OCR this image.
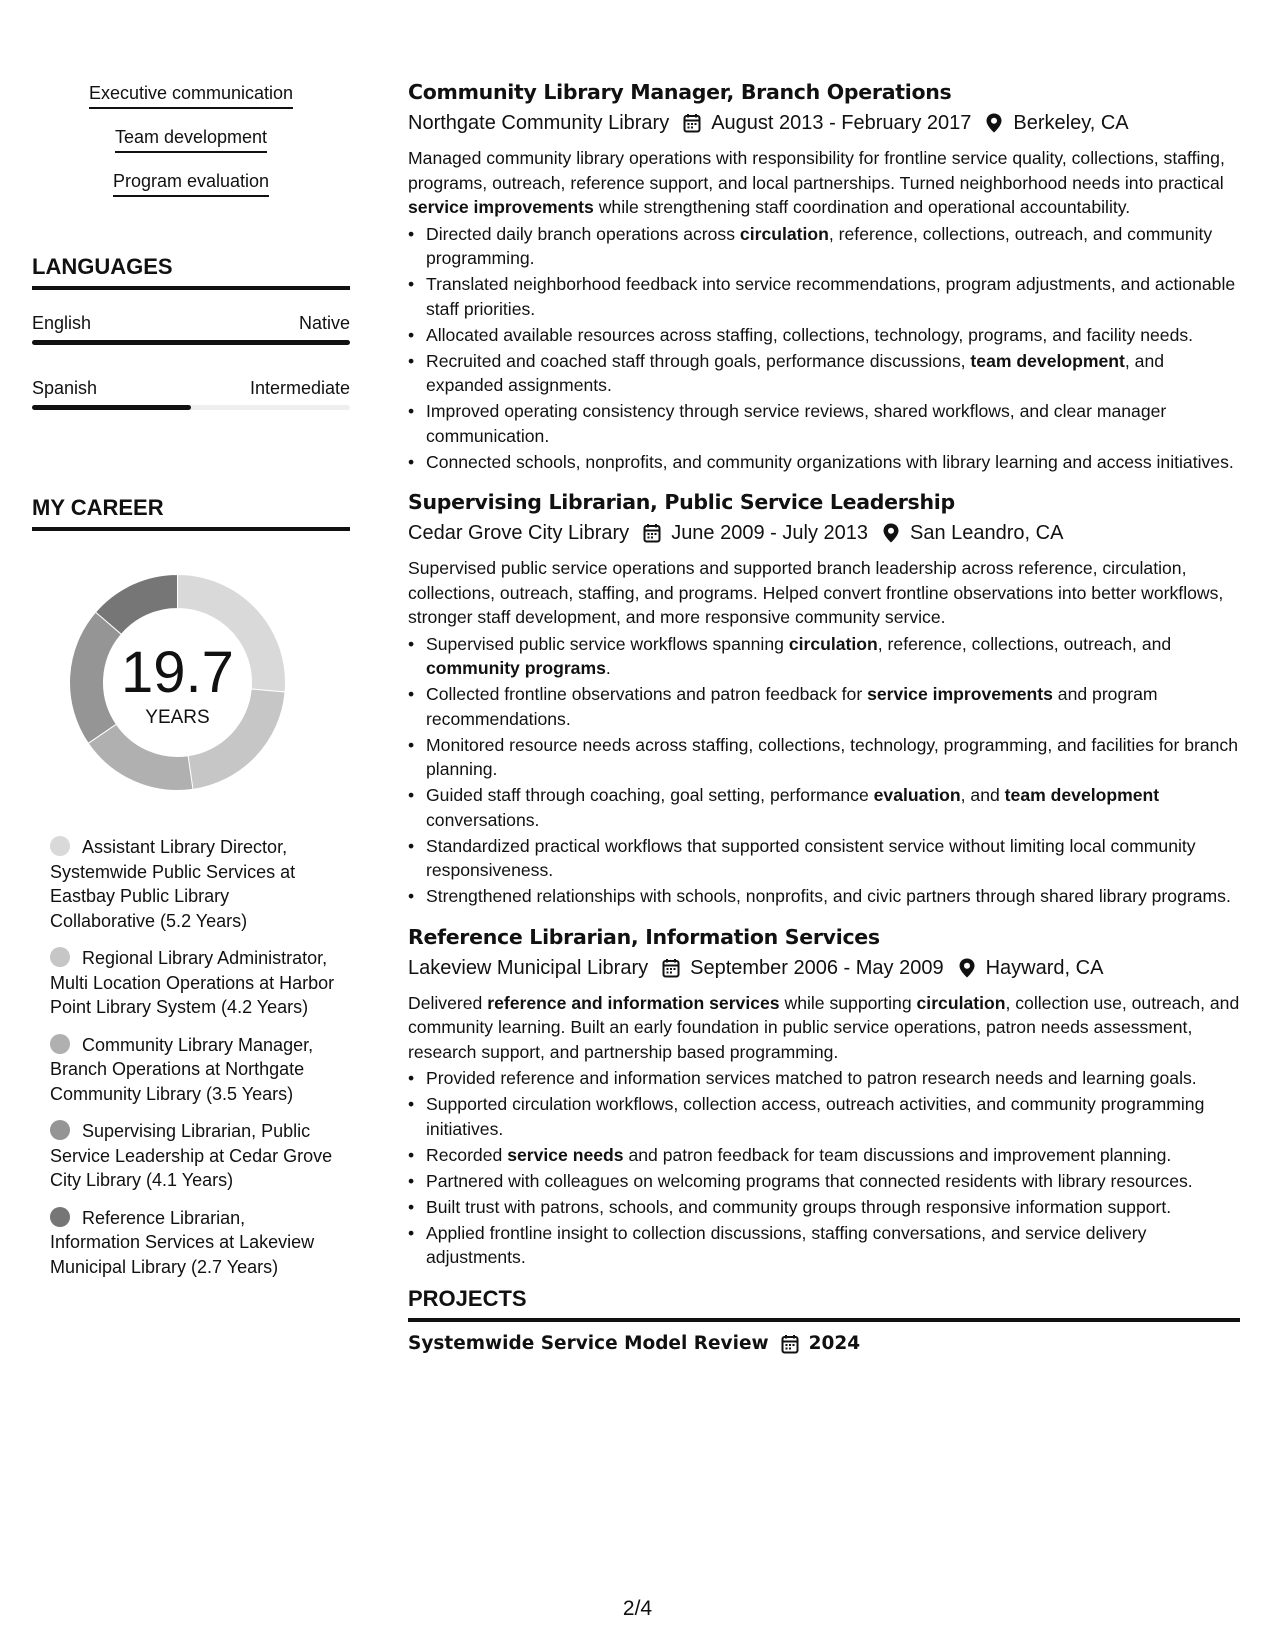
Executive communication
Team development
Program evaluation
LANGUAGES
English	Native
Spanish	Intermediate
MY CAREER
19.7
YEARS
Assistant Library Director, Systemwide Public Services at Eastbay Public Library Collaborative (5.2 Years)
Regional Library Administrator, Multi Location Operations at Harbor Point Library System (4.2 Years)
Community Library Manager, Branch Operations at Northgate Community Library (3.5 Years)
Supervising Librarian, Public Service Leadership at Cedar Grove City Library (4.1 Years)
Reference Librarian, Information Services at Lakeview Municipal Library (2.7 Years)
Community Library Manager, Branch Operations
Northgate Community Library August 2013 - February 2017 Berkeley, CA
Managed community library operations with responsibility for frontline service quality, collections, staffing, programs, outreach, reference support, and local partnerships. Turned neighborhood needs into practical service improvements while strengthening staff coordination and operational accountability.
• Directed daily branch operations across circulation, reference, collections, outreach, and community programming.
• Translated neighborhood feedback into service recommendations, program adjustments, and actionable staff priorities.
• Allocated available resources across staffing, collections, technology, programs, and facility needs.
• Recruited and coached staff through goals, performance discussions, team development, and expanded assignments.
• Improved operating consistency through service reviews, shared workflows, and clear manager communication.
• Connected schools, nonprofits, and community organizations with library learning and access initiatives.
Supervising Librarian, Public Service Leadership
Cedar Grove City Library June 2009 - July 2013 San Leandro, CA
Supervised public service operations and supported branch leadership across reference, circulation, collections, outreach, staffing, and programs. Helped convert frontline observations into better workflows, stronger staff development, and more responsive community service.
• Supervised public service workflows spanning circulation, reference, collections, outreach, and community programs.
• Collected frontline observations and patron feedback for service improvements and program recommendations.
• Monitored resource needs across staffing, collections, technology, programming, and facilities for branch planning.
• Guided staff through coaching, goal setting, performance evaluation, and team development conversations.
• Standardized practical workflows that supported consistent service without limiting local community responsiveness.
• Strengthened relationships with schools, nonprofits, and civic partners through shared library programs.
Reference Librarian, Information Services
Lakeview Municipal Library September 2006 - May 2009 Hayward, CA
Delivered reference and information services while supporting circulation, collection use, outreach, and community learning. Built an early foundation in public service operations, patron needs assessment, research support, and partnership based programming.
• Provided reference and information services matched to patron research needs and learning goals.
• Supported circulation workflows, collection access, outreach activities, and community programming initiatives.
• Recorded service needs and patron feedback for team discussions and improvement planning.
• Partnered with colleagues on welcoming programs that connected residents with library resources.
• Built trust with patrons, schools, and community groups through responsive information support.
• Applied frontline insight to collection discussions, staffing conversations, and service delivery adjustments.
PROJECTS
Systemwide Service Model Review 2024
2/4
